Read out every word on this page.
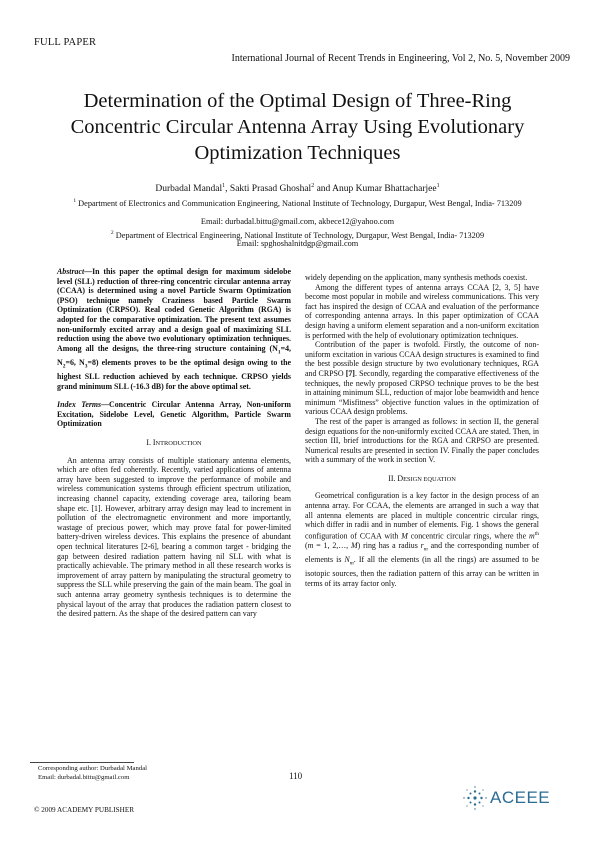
FULL PAPER
International Journal of Recent Trends in Engineering, Vol 2, No. 5, November 2009
Determination of the Optimal Design of Three-Ring Concentric Circular Antenna Array Using Evolutionary Optimization Techniques
Durbadal Mandal$^1$, Sakti Prasad Ghoshal$^2$ and Anup Kumar Bhattacharjee$^1$
$^1$ Department of Electronics and Communication Engineering, National Institute of Technology, Durgapur, West Bengal, India- 713209
Email: durbadal.bittu@gmail.com, akbece12@yahoo.com
$^2$ Department of Electrical Engineering, National Institute of Technology, Durgapur, West Bengal, India- 713209
Email: spghoshalnitdgp@gmail.com

Abstract—In this paper the optimal design for maximum sidelobe level (SLL) reduction of three-ring concentric circular antenna array (CCAA) is determined using a novel Particle Swarm Optimization (PSO) technique namely Craziness based Particle Swarm Optimization (CRPSO). Real coded Genetic Algorithm (RGA) is adopted for the comparative optimization. The present text assumes non-uniformly excited array and a design goal of maximizing SLL reduction using the above two evolutionary optimization techniques. Among all the designs, the three-ring structure containing ($N_1=4$, $N_2=6$, $N_3=8$) elements proves to be the optimal design owing to the highest SLL reduction achieved by each technique. CRPSO yields grand minimum SLL (-16.3 dB) for the above optimal set.

Index Terms—Concentric Circular Antenna Array, Non-uniform Excitation, Sidelobe Level, Genetic Algorithm, Particle Swarm Optimization

I. INTRODUCTION

An antenna array consists of multiple stationary antenna elements, which are often fed coherently. Recently, varied applications of antenna array have been suggested to improve the performance of mobile and wireless communication systems through efficient spectrum utilization, increasing channel capacity, extending coverage area, tailoring beam shape etc. [1]. However, arbitrary array design may lead to increment in pollution of the electromagnetic environment and more importantly, wastage of precious power, which may prove fatal for power-limited battery-driven wireless devices. This explains the presence of abundant open technical literatures [2-6], bearing a common target - bridging the gap between desired radiation pattern having nil SLL with what is practically achievable. The primary method in all these research works is improvement of array pattern by manipulating the structural geometry to suppress the SLL while preserving the gain of the main beam. The goal in such antenna array geometry synthesis techniques is to determine the physical layout of the array that produces the radiation pattern closest to the desired pattern. As the shape of the desired pattern can vary

widely depending on the application, many synthesis methods coexist.

Among the different types of antenna arrays CCAA [2, 3, 5] have become most popular in mobile and wireless communications. This very fact has inspired the design of CCAA and evaluation of the performance of corresponding antenna arrays. In this paper optimization of CCAA design having a uniform element separation and a non-uniform excitation is performed with the help of evolutionary optimization techniques.

Contribution of the paper is twofold. Firstly, the outcome of non-uniform excitation in various CCAA design structures is examined to find the best possible design structure by two evolutionary techniques, RGA and CRPSO [7]. Secondly, regarding the comparative effectiveness of the techniques, the newly proposed CRPSO technique proves to be the best in attaining minimum SLL, reduction of major lobe beamwidth and hence minimum “Misfitness” objective function values in the optimization of various CCAA design problems.

The rest of the paper is arranged as follows: in section II, the general design equations for the non-uniformly excited CCAA are stated. Then, in section III, brief introductions for the RGA and CRPSO are presented. Numerical results are presented in section IV. Finally the paper concludes with a summary of the work in section V.

II. DESIGN EQUATION

Geometrical configuration is a key factor in the design process of an antenna array. For CCAA, the elements are arranged in such a way that all antenna elements are placed in multiple concentric circular rings, which differ in radii and in number of elements. Fig. 1 shows the general configuration of CCAA with M concentric circular rings, where the $m^{th}$ (m = 1, 2,…, M) ring has a radius $r_m$ and the corresponding number of elements is $N_m$. If all the elements (in all the rings) are assumed to be isotopic sources, then the radiation pattern of this array can be written in terms of its array factor only.

Corresponding author: Durbadal Mandal
Email: durbadal.bittu@gmail.com	110
© 2009 ACADEMY PUBLISHER
ACEEE
